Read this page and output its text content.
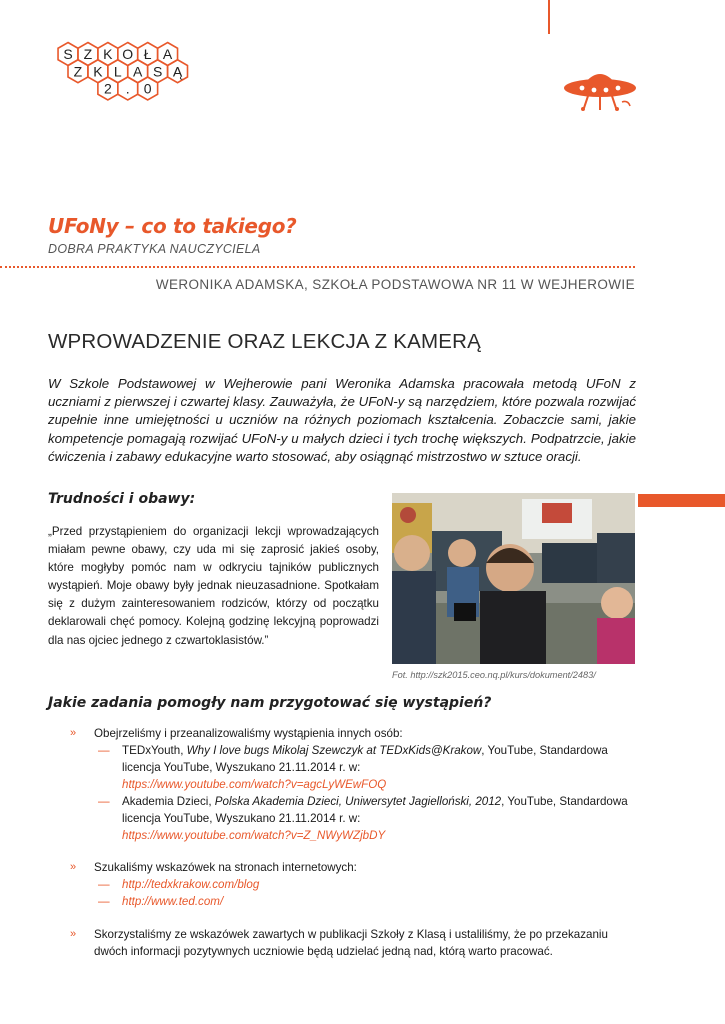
S Z K O Ł A
Z K L A S Ą
2 . 0
UFoNy – co to takiego?
DOBRA PRAKTYKA NAUCZYCIELA
WERONIKA ADAMSKA, SZKOŁA PODSTAWOWA NR 11 W WEJHEROWIE
WPROWADZENIE ORAZ LEKCJA Z KAMERĄ

W Szkole Podstawowej w Wejherowie pani Weronika Adamska pracowała metodą UFoN z uczniami z pierwszej i czwartej klasy. Zauważyła, że UFoN-y są narzędziem, które pozwala rozwijać zupełnie inne umiejętności u uczniów na różnych poziomach kształcenia. Zobaczcie sami, jakie kompetencje pomagają rozwijać UFoN-y u małych dzieci i tych trochę większych. Podpatrzcie, jakie ćwiczenia i zabawy edukacyjne warto stosować, aby osiągnąć mistrzostwo w sztuce oracji.

Trudności i obawy:

„Przed przystąpieniem do organizacji lekcji wprowadzających miałam pewne obawy, czy uda mi się zaprosić jakieś osoby, które mogłyby pomóc nam w odkryciu tajników publicznych wystąpień. Moje obawy były jednak nieuzasadnione. Spotkałam się z dużym zainteresowaniem rodziców, którzy od początku deklarowali chęć pomocy. Kolejną godzinę lekcyjną poprowadzi dla nas ojciec jednego z czwartoklasistów.”

Fot. http://szk2015.ceo.nq.pl/kurs/dokument/2483/
Jakie zadania pomogły nam przygotować się wystąpień?
» Obejrzeliśmy i przeanalizowaliśmy wystąpienia innych osób:
— TEDxYouth, Why I love bugs Mikolaj Szewczyk at TEDxKids@Krakow, YouTube, Standardowa licencja YouTube, Wyszukano 21.11.2014 r. w:
https://www.youtube.com/watch?v=agcLyWEwFOQ
— Akademia Dzieci, Polska Akademia Dzieci, Uniwersytet Jagielloński, 2012, YouTube, Standardowa licencja YouTube, Wyszukano 21.11.2014 r. w:
https://www.youtube.com/watch?v=Z_NWyWZjbDY
» Szukaliśmy wskazówek na stronach internetowych:
— http://tedxkrakow.com/blog
— http://www.ted.com/
» Skorzystaliśmy ze wskazówek zawartych w publikacji Szkoły z Klasą i ustaliliśmy, że po przekazaniu dwóch informacji pozytywnych uczniowie będą udzielać jedną nad, którą warto pracować.
